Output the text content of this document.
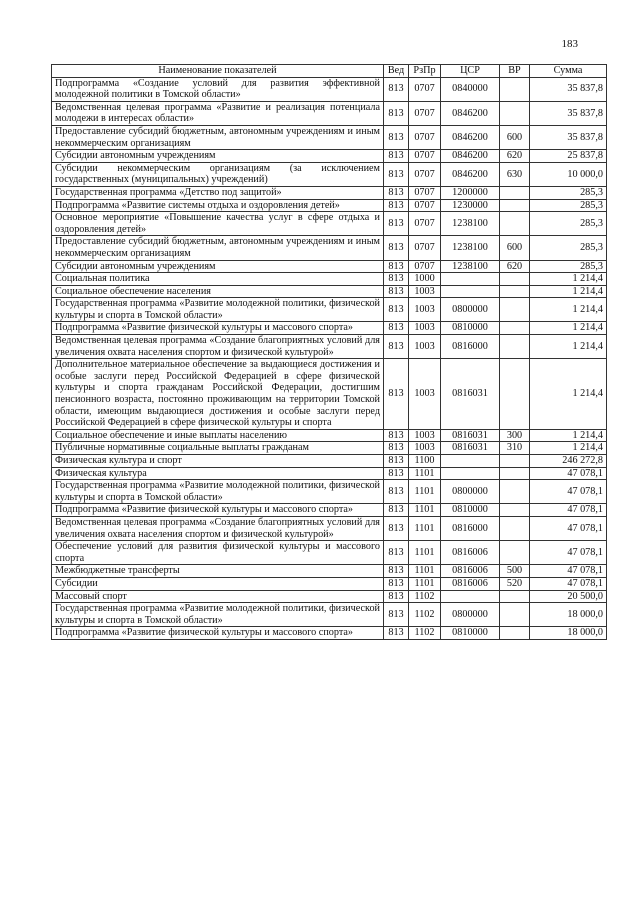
183
Наименование показателей	Вед	РзПр	ЦСР	ВР	Сумма
Подпрограмма «Создание условий для развития эффективной молодежной политики в Томской области»	813	0707	0840000		35 837,8
Ведомственная целевая программа «Развитие и реализация потенциала молодежи в интересах области»	813	0707	0846200		35 837,8
Предоставление субсидий бюджетным, автономным учреждениям и иным некоммерческим организациям	813	0707	0846200	600	35 837,8
Субсидии автономным учреждениям	813	0707	0846200	620	25 837,8
Субсидии некоммерческим организациям (за исключением государственных (муниципальных) учреждений)	813	0707	0846200	630	10 000,0
Государственная программа «Детство под защитой»	813	0707	1200000		285,3
Подпрограмма «Развитие системы отдыха и оздоровления детей»	813	0707	1230000		285,3
Основное мероприятие «Повышение качества услуг в сфере отдыха и оздоровления детей»	813	0707	1238100		285,3
Предоставление субсидий бюджетным, автономным учреждениям и иным некоммерческим организациям	813	0707	1238100	600	285,3
Субсидии автономным учреждениям	813	0707	1238100	620	285,3
Социальная политика	813	1000			1 214,4
Социальное обеспечение населения	813	1003			1 214,4
Государственная программа «Развитие молодежной политики, физической культуры и спорта в Томской области»	813	1003	0800000		1 214,4
Подпрограмма «Развитие физической культуры и массового спорта»	813	1003	0810000		1 214,4
Ведомственная целевая программа «Создание благоприятных условий для увеличения охвата населения спортом и физической культурой»	813	1003	0816000		1 214,4
Дополнительное материальное обеспечение за выдающиеся достижения и особые заслуги перед Российской Федерацией в сфере физической культуры и спорта гражданам Российской Федерации, достигшим пенсионного возраста, постоянно проживающим на территории Томской области, имеющим выдающиеся достижения и особые заслуги перед Российской Федерацией в сфере физической культуры и спорта	813	1003	0816031		1 214,4
Социальное обеспечение и иные выплаты населению	813	1003	0816031	300	1 214,4
Публичные нормативные социальные выплаты гражданам	813	1003	0816031	310	1 214,4
Физическая культура и спорт	813	1100			246 272,8
Физическая культура	813	1101			47 078,1
Государственная программа «Развитие молодежной политики, физической культуры и спорта в Томской области»	813	1101	0800000		47 078,1
Подпрограмма «Развитие физической культуры и массового спорта»	813	1101	0810000		47 078,1
Ведомственная целевая программа «Создание благоприятных условий для увеличения охвата населения спортом и физической культурой»	813	1101	0816000		47 078,1
Обеспечение условий для развития физической культуры и массового спорта	813	1101	0816006		47 078,1
Межбюджетные трансферты	813	1101	0816006	500	47 078,1
Субсидии	813	1101	0816006	520	47 078,1
Массовый спорт	813	1102			20 500,0
Государственная программа «Развитие молодежной политики, физической культуры и спорта в Томской области»	813	1102	0800000		18 000,0
Подпрограмма «Развитие физической культуры и массового спорта»	813	1102	0810000		18 000,0
